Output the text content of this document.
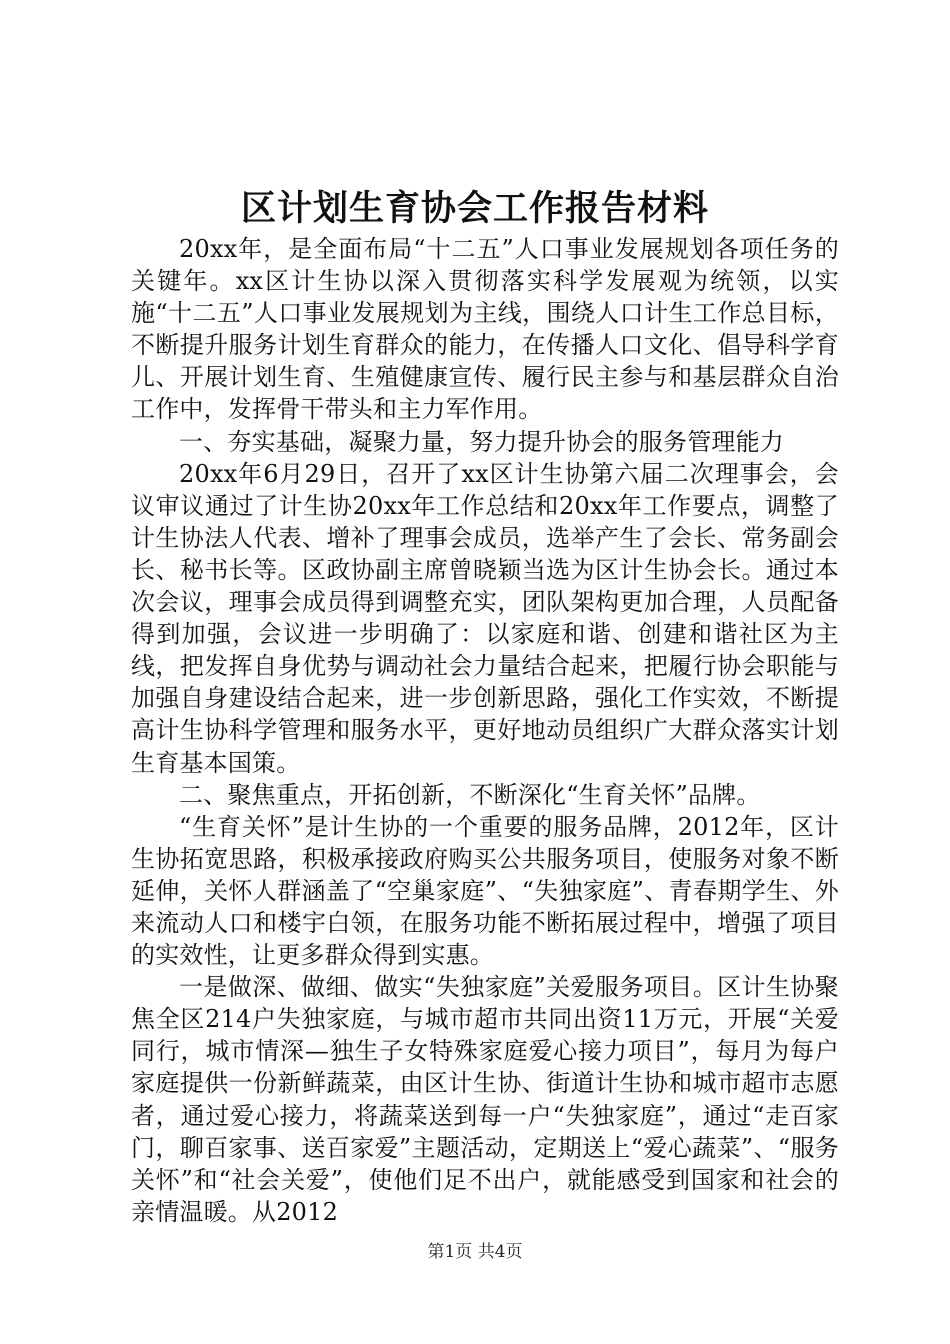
区计划生育协会工作报告材料

20xx年，是全面布局“十二五”人口事业发展规划各项任务的关键年。xx区计生协以深入贯彻落实科学发展观为统领，以实施“十二五”人口事业发展规划为主线，围绕人口计生工作总目标，不断提升服务计划生育群众的能力，在传播人口文化、倡导科学育儿、开展计划生育、生殖健康宣传、履行民主参与和基层群众自治工作中，发挥骨干带头和主力军作用。

一、夯实基础，凝聚力量，努力提升协会的服务管理能力

20xx年6月29日，召开了xx区计生协第六届二次理事会，会议审议通过了计生协20xx年工作总结和20xx年工作要点，调整了计生协法人代表、增补了理事会成员，选举产生了会长、常务副会长、秘书长等。区政协副主席曾晓颖当选为区计生协会长。通过本次会议，理事会成员得到调整充实，团队架构更加合理，人员配备得到加强，会议进一步明确了：以家庭和谐、创建和谐社区为主线，把发挥自身优势与调动社会力量结合起来，把履行协会职能与加强自身建设结合起来，进一步创新思路，强化工作实效，不断提高计生协科学管理和服务水平，更好地动员组织广大群众落实计划生育基本国策。

二、聚焦重点，开拓创新，不断深化“生育关怀”品牌。

“生育关怀”是计生协的一个重要的服务品牌，2012年，区计生协拓宽思路，积极承接政府购买公共服务项目，使服务对象不断延伸，关怀人群涵盖了“空巢家庭”、“失独家庭”、青春期学生、外来流动人口和楼宇白领，在服务功能不断拓展过程中，增强了项目的实效性，让更多群众得到实惠。

一是做深、做细、做实“失独家庭”关爱服务项目。区计生协聚焦全区214户失独家庭，与城市超市共同出资11万元，开展“关爱同行，城市情深—独生子女特殊家庭爱心接力项目”，每月为每户家庭提供一份新鲜蔬菜，由区计生协、街道计生协和城市超市志愿者，通过爱心接力，将蔬菜送到每一户“失独家庭”，通过“走百家门，聊百家事、送百家爱”主题活动，定期送上“爱心蔬菜”、“服务关怀”和“社会关爱”，使他们足不出户，就能感受到国家和社会的亲情温暖。从2012

第1页 共4页
